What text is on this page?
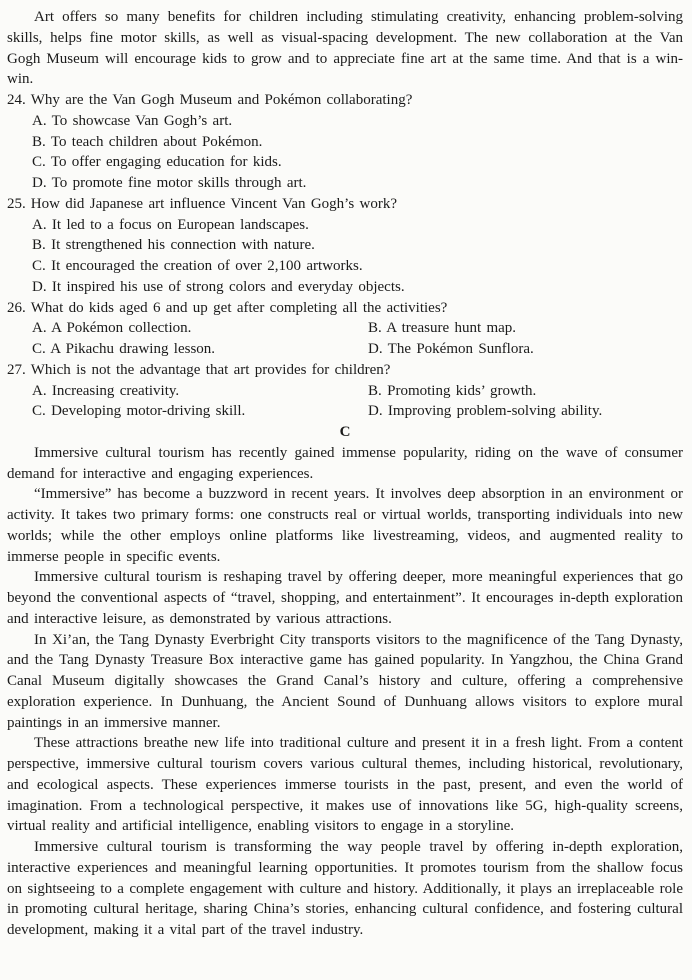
Art offers so many benefits for children including stimulating creativity, enhancing problem-solving skills, helps fine motor skills, as well as visual-spacing development. The new collaboration at the Van Gogh Museum will encourage kids to grow and to appreciate fine art at the same time. And that is a win-win.

24. Why are the Van Gogh Museum and Pokémon collaborating?

A. To showcase Van Gogh’s art.
B. To teach children about Pokémon.
C. To offer engaging education for kids.
D. To promote fine motor skills through art.

25. How did Japanese art influence Vincent Van Gogh’s work?

A. It led to a focus on European landscapes.
B. It strengthened his connection with nature.
C. It encouraged the creation of over 2,100 artworks.
D. It inspired his use of strong colors and everyday objects.

26. What do kids aged 6 and up get after completing all the activities?

A. A Pokémon collection.	B. A treasure hunt map.
C. A Pikachu drawing lesson.	D. The Pokémon Sunflora.

27. Which is not the advantage that art provides for children?

A. Increasing creativity.	B. Promoting kids’ growth.
C. Developing motor-driving skill.	D. Improving problem-solving ability.

C

Immersive cultural tourism has recently gained immense popularity, riding on the wave of consumer demand for interactive and engaging experiences.

“Immersive” has become a buzzword in recent years. It involves deep absorption in an environment or activity. It takes two primary forms: one constructs real or virtual worlds, transporting individuals into new worlds; while the other employs online platforms like livestreaming, videos, and augmented reality to immerse people in specific events.

Immersive cultural tourism is reshaping travel by offering deeper, more meaningful experiences that go beyond the conventional aspects of “travel, shopping, and entertainment”. It encourages in-depth exploration and interactive leisure, as demonstrated by various attractions.

In Xi’an, the Tang Dynasty Everbright City transports visitors to the magnificence of the Tang Dynasty, and the Tang Dynasty Treasure Box interactive game has gained popularity. In Yangzhou, the China Grand Canal Museum digitally showcases the Grand Canal’s history and culture, offering a comprehensive exploration experience. In Dunhuang, the Ancient Sound of Dunhuang allows visitors to explore mural paintings in an immersive manner.

These attractions breathe new life into traditional culture and present it in a fresh light. From a content perspective, immersive cultural tourism covers various cultural themes, including historical, revolutionary, and ecological aspects. These experiences immerse tourists in the past, present, and even the world of imagination. From a technological perspective, it makes use of innovations like 5G, high-quality screens, virtual reality and artificial intelligence, enabling visitors to engage in a storyline.

Immersive cultural tourism is transforming the way people travel by offering in-depth exploration, interactive experiences and meaningful learning opportunities. It promotes tourism from the shallow focus on sightseeing to a complete engagement with culture and history. Additionally, it plays an irreplaceable role in promoting cultural heritage, sharing China’s stories, enhancing cultural confidence, and fostering cultural development, making it a vital part of the travel industry.
